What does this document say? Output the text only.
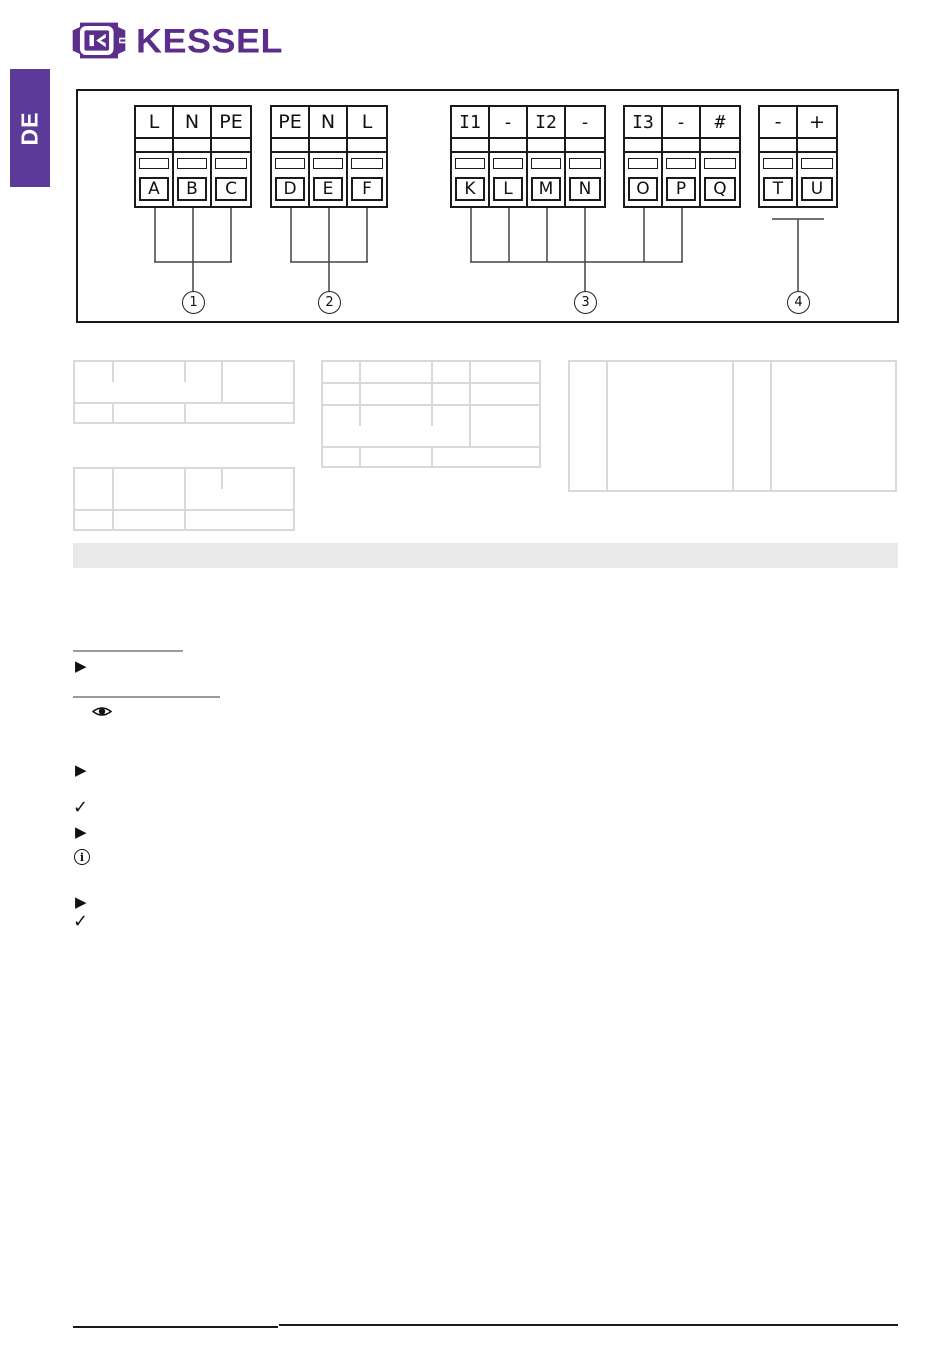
KESSEL
DE	L
A
N
B
PE
C
PE
D
N
E
L
F
I1
K
-
L
I2
M
-
N
I3
O
-
P
#
Q
-
T
+
U
1	2	3	4
▶
▶
✓
▶
i
▶
✓
